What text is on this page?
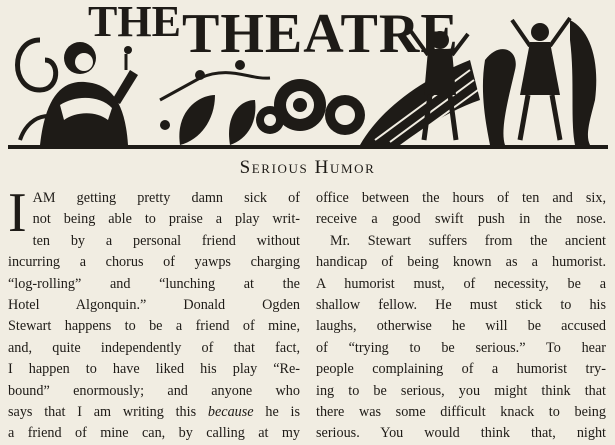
THE THEATRE
Serious Humor
I AM getting pretty damn sick of
not being able to praise a play writ-
ten by a personal friend without
incurring a chorus of yawps charging
“log-rolling” and “lunching at the
Hotel Algonquin.” Donald Ogden
Stewart happens to be a friend of mine,
and, quite independently of that fact,
I happen to have liked his play “Re-
bound” enormously; and anyone who
says that I am writing this because he is
a friend of mine can, by calling at my
office between the hours of ten and six,
receive a good swift push in the nose.
Mr. Stewart suffers from the ancient
handicap of being known as a humorist.
A humorist must, of necessity, be a
shallow fellow. He must stick to his
laughs, otherwise he will be accused
of “trying to be serious.” To hear
people complaining of a humorist try-
ing to be serious, you might think that
there was some difficult knack to being
serious. You would think that, night
